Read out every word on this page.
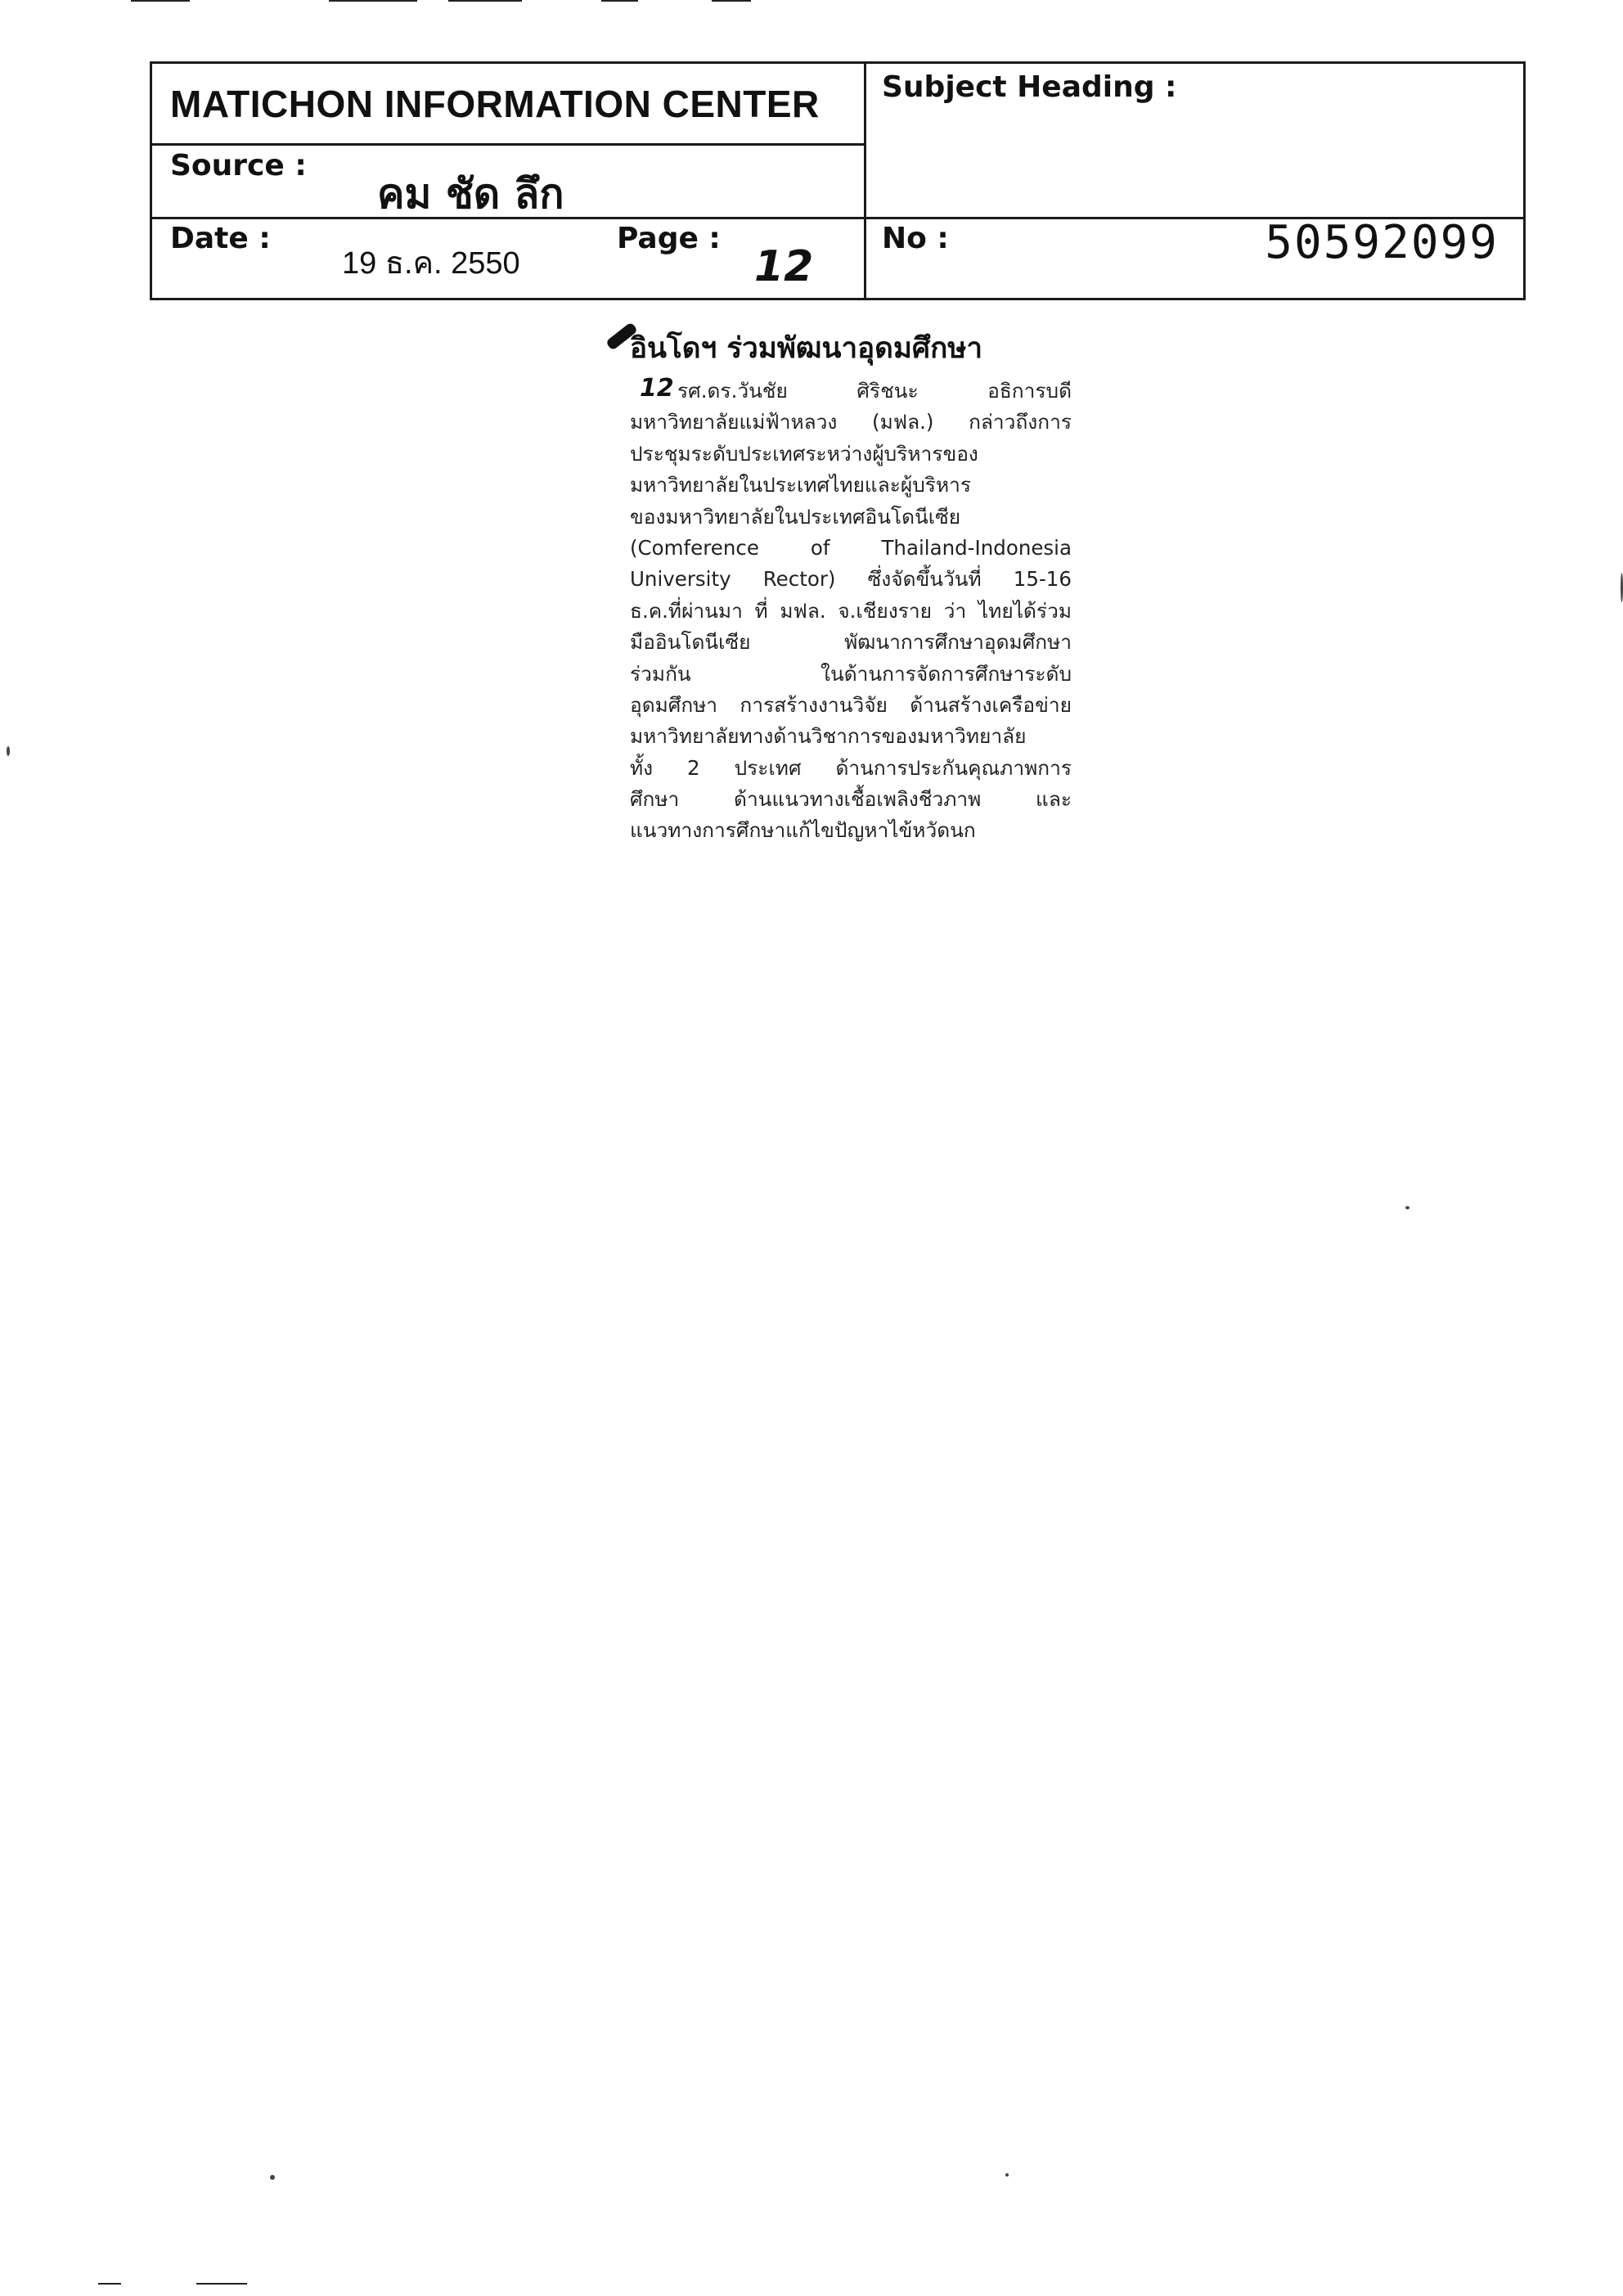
MATICHON INFORMATION CENTER Subject Heading :
Source :
คม ชัด ลึก
Date :
19 ธ.ค. 2550
Page :
12
No :	50592099
อินโดฯ ร่วมพัฒนาอุดมศึกษา
12 รศ.ดร.วันชัย ศิริชนะ อธิการบดี
มหาวิทยาลัยแม่ฟ้าหลวง (มฟล.) กล่าวถึงการ
ประชุมระดับประเทศระหว่างผู้บริหารของ
มหาวิทยาลัยในประเทศไทยและผู้บริหาร
ของมหาวิทยาลัยในประเทศอินโดนีเซีย
(Comference of Thailand-Indonesia
University Rector) ซึ่งจัดขึ้นวันที่ 15-16
ธ.ค.ที่ผ่านมา ที่ มฟล. จ.เชียงราย ว่า ไทยได้ร่วม
มืออินโดนีเซีย พัฒนาการศึกษาอุดมศึกษา
ร่วมกัน ในด้านการจัดการศึกษาระดับ
อุดมศึกษา การสร้างงานวิจัย ด้านสร้างเครือข่าย
มหาวิทยาลัยทางด้านวิชาการของมหาวิทยาลัย
ทั้ง 2 ประเทศ ด้านการประกันคุณภาพการ
ศึกษา ด้านแนวทางเชื้อเพลิงชีวภาพ และ
แนวทางการศึกษาแก้ไขปัญหาไข้หวัดนก
